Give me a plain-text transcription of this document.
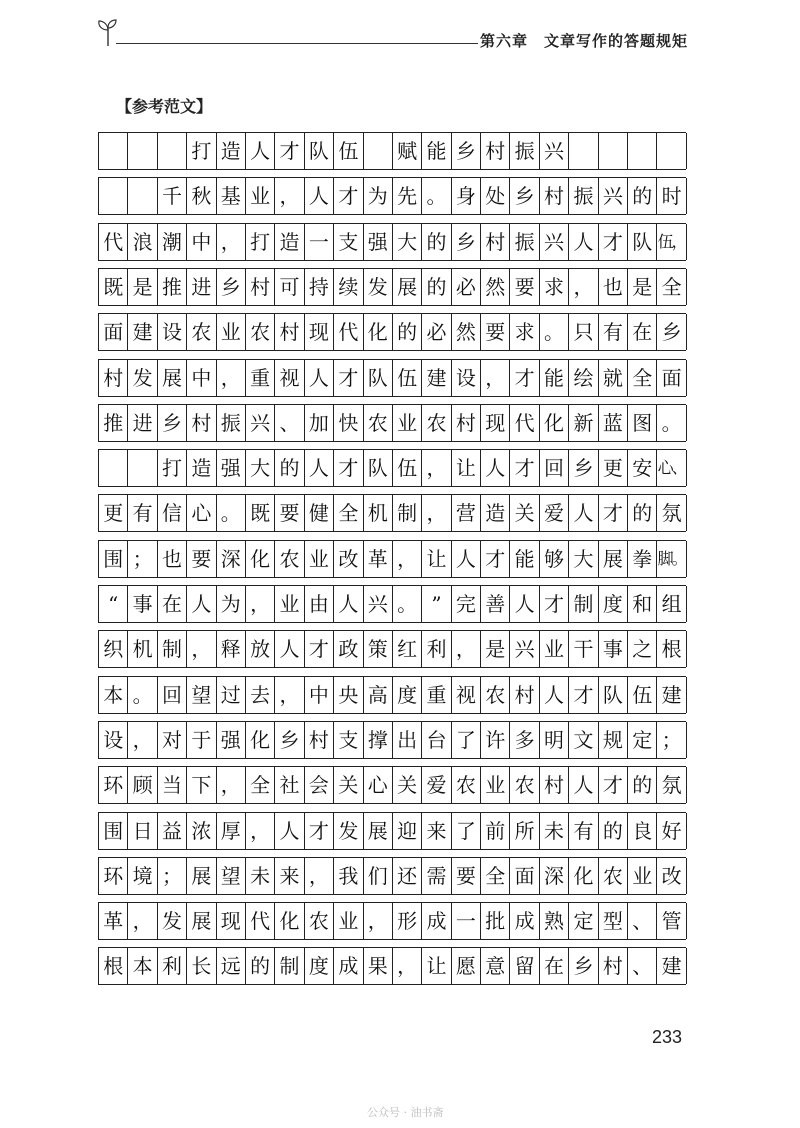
第六章　文章写作的答题规矩
【参考范文】
打 造 人 才 队 伍 赋 能 乡 村 振 兴
千 秋 基 业 ， 人 才 为 先 。 身 处 乡 村 振 兴 的 时
代 浪 潮 中 ， 打 造 一 支 强 大 的 乡 村 振 兴 人 才 队 伍，
既 是 推 进 乡 村 可 持 续 发 展 的 必 然 要 求 ， 也 是 全
面 建 设 农 业 农 村 现 代 化 的 必 然 要 求 。 只 有 在 乡
村 发 展 中 ， 重 视 人 才 队 伍 建 设 ， 才 能 绘 就 全 面
推 进 乡 村 振 兴 、 加 快 农 业 农 村 现 代 化 新 蓝 图 。
打 造 强 大 的 人 才 队 伍 ， 让 人 才 回 乡 更 安 心、
更 有 信 心 。 既 要 健 全 机 制 ， 营 造 关 爱 人 才 的 氛
围 ； 也 要 深 化 农 业 改 革 ， 让 人 才 能 够 大 展 拳 脚。
“ 事 在 人 为 ， 业 由 人 兴 。 ” 完 善 人 才 制 度 和 组
织 机 制 ， 释 放 人 才 政 策 红 利 ， 是 兴 业 干 事 之 根
本 。 回 望 过 去 ， 中 央 高 度 重 视 农 村 人 才 队 伍 建
设 ， 对 于 强 化 乡 村 支 撑 出 台 了 许 多 明 文 规 定 ；
环 顾 当 下 ， 全 社 会 关 心 关 爱 农 业 农 村 人 才 的 氛
围 日 益 浓 厚 ， 人 才 发 展 迎 来 了 前 所 未 有 的 良 好
环 境 ； 展 望 未 来 ， 我 们 还 需 要 全 面 深 化 农 业 改
革 ， 发 展 现 代 化 农 业 ， 形 成 一 批 成 熟 定 型 、 管
根 本 利 长 远 的 制 度 成 果 ， 让 愿 意 留 在 乡 村 、 建
233
公众号 · 油书斋
